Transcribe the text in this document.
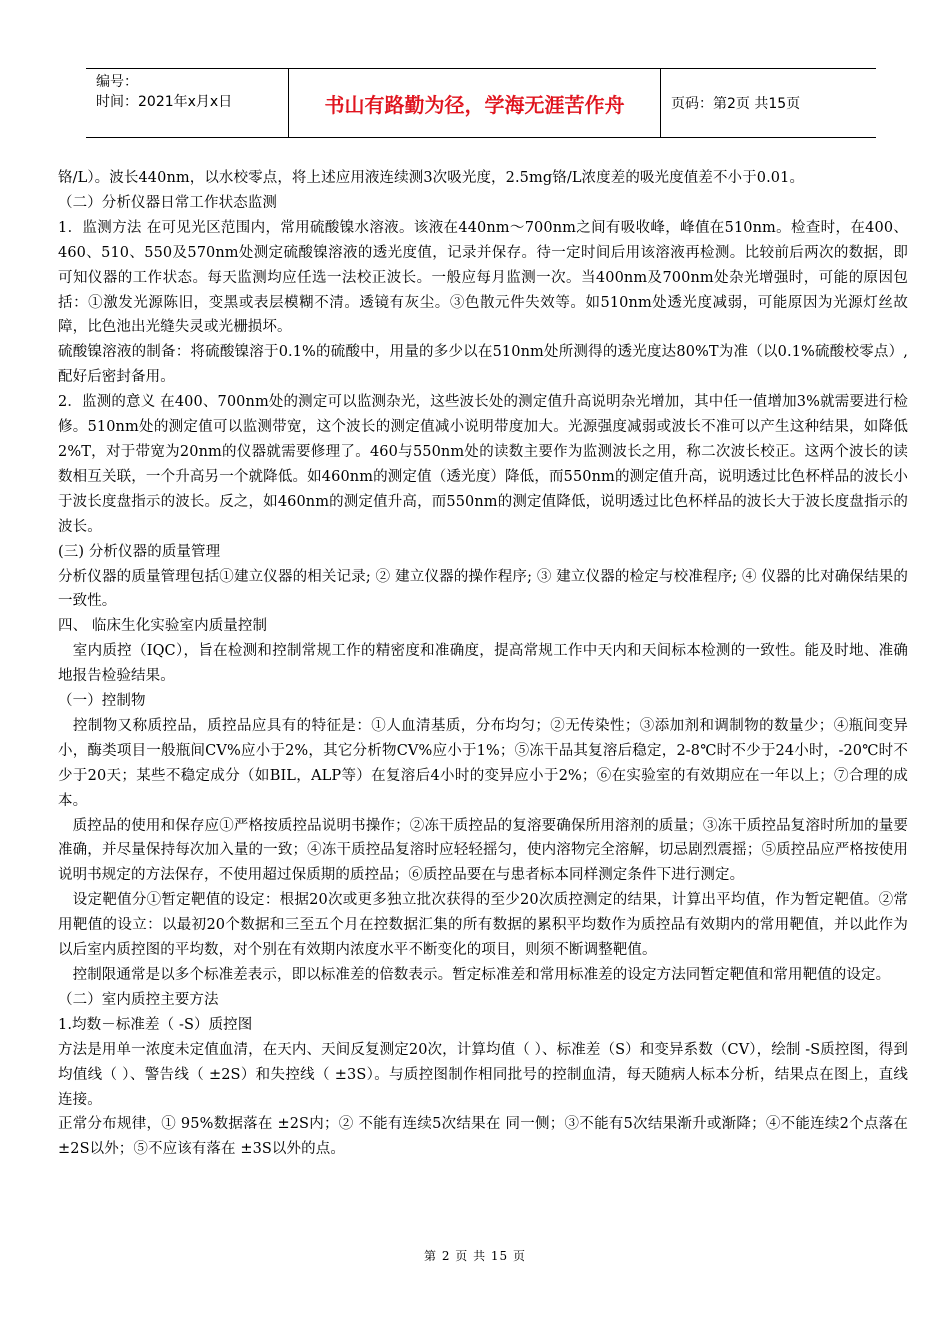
编号：
时间：2021年x月x日	书山有路勤为径，学海无涯苦作舟	页码：第2页 共15页

铬/L）。波长440nm，以水校零点，将上述应用液连续测3次吸光度，2.5mg铬/L浓度差的吸光度值差不小于0.01。

（二）分析仪器日常工作状态监测

1．监测方法 在可见光区范围内，常用硫酸镍水溶液。该液在440nm～700nm之间有吸收峰，峰值在510nm。检查时，在400、460、510、550及570nm处测定硫酸镍溶液的透光度值，记录并保存。待一定时间后用该溶液再检测。比较前后两次的数据，即可知仪器的工作状态。每天监测均应任选一法校正波长。一般应每月监测一次。当400nm及700nm处杂光增强时，可能的原因包括：①激发光源陈旧，变黑或表层模糊不清。透镜有灰尘。③色散元件失效等。如510nm处透光度减弱，可能原因为光源灯丝故障，比色池出光缝失灵或光栅损坏。

硫酸镍溶液的制备：将硫酸镍溶于0.1%的硫酸中，用量的多少以在510nm处所测得的透光度达80%T为准（以0.1%硫酸校零点）,配好后密封备用。

2．监测的意义 在400、700nm处的测定可以监测杂光，这些波长处的测定值升高说明杂光增加，其中任一值增加3%就需要进行检修。510nm处的测定值可以监测带宽，这个波长的测定值减小说明带度加大。光源强度减弱或波长不准可以产生这种结果，如降低2%T，对于带宽为20nm的仪器就需要修理了。460与550nm处的读数主要作为监测波长之用，称二次波长校正。这两个波长的读数相互关联，一个升高另一个就降低。如460nm的测定值（透光度）降低，而550nm的测定值升高，说明透过比色杯样品的波长小于波长度盘指示的波长。反之，如460nm的测定值升高，而550nm的测定值降低，说明透过比色杯样品的波长大于波长度盘指示的波长。

(三) 分析仪器的质量管理

分析仪器的质量管理包括①建立仪器的相关记录; ② 建立仪器的操作程序; ③ 建立仪器的检定与校准程序; ④ 仪器的比对确保结果的一致性。

四、 临床生化实验室内质量控制

　室内质控（IQC），旨在检测和控制常规工作的精密度和准确度，提高常规工作中天内和天间标本检测的一致性。能及时地、准确地报告检验结果。

（一）控制物

　控制物又称质控品，质控品应具有的特征是：①人血清基质，分布均匀；②无传染性；③添加剂和调制物的数量少；④瓶间变异小，酶类项目一般瓶间CV%应小于2%，其它分析物CV%应小于1%；⑤冻干品其复溶后稳定，2-8℃时不少于24小时，-20℃时不少于20天；某些不稳定成分（如BIL，ALP等）在复溶后4小时的变异应小于2%；⑥在实验室的有效期应在一年以上；⑦合理的成本。

　质控品的使用和保存应①严格按质控品说明书操作；②冻干质控品的复溶要确保所用溶剂的质量；③冻干质控品复溶时所加的量要准确，并尽量保持每次加入量的一致；④冻干质控品复溶时应轻轻摇匀，使内溶物完全溶解，切忌剧烈震摇；⑤质控品应严格按使用说明书规定的方法保存，不使用超过保质期的质控品；⑥质控品要在与患者标本同样测定条件下进行测定。

　设定靶值分①暂定靶值的设定：根据20次或更多独立批次获得的至少20次质控测定的结果，计算出平均值，作为暂定靶值。②常用靶值的设立：以最初20个数据和三至五个月在控数据汇集的所有数据的累积平均数作为质控品有效期内的常用靶值，并以此作为以后室内质控图的平均数，对个别在有效期内浓度水平不断变化的项目，则须不断调整靶值。

　控制限通常是以多个标准差表示，即以标准差的倍数表示。暂定标准差和常用标准差的设定方法同暂定靶值和常用靶值的设定。

（二）室内质控主要方法

1.均数－标准差（ -S）质控图

方法是用单一浓度未定值血清，在天内、天间反复测定20次，计算均值（ ）、标准差（S）和变异系数（CV），绘制 -S质控图，得到均值线（ ）、警告线（ ±2S）和失控线（ ±3S）。与质控图制作相同批号的控制血清，每天随病人标本分析，结果点在图上，直线连接。

正常分布规律，① 95%数据落在 ±2S内；② 不能有连续5次结果在 同一侧；③不能有5次结果渐升或渐降；④不能连续2个点落在 ±2S以外；⑤不应该有落在 ±3S以外的点。

第 2 页 共 15 页
